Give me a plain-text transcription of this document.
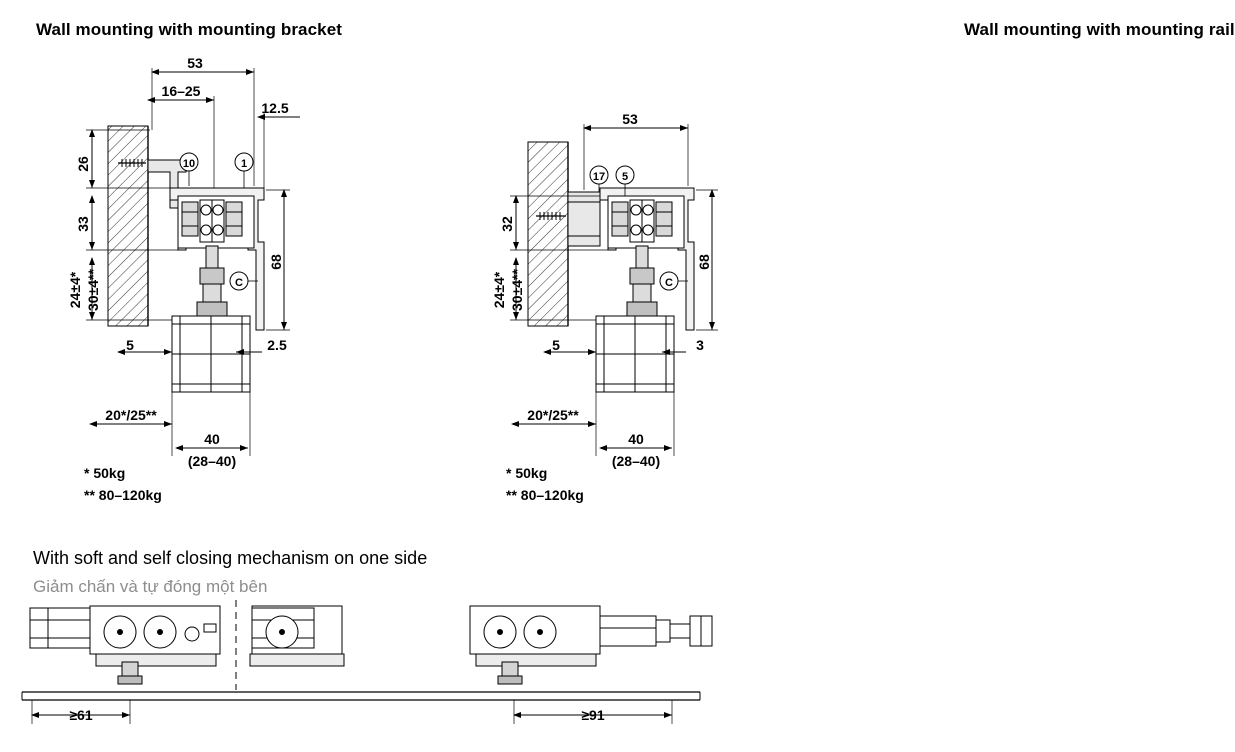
Wall mounting with mounting bracket	Wall mounting with mounting rail
53
16–25
12.5
26
33
24±4* 30±4**
68
5	2.5
20*/25**
40
(28–40)
10	1
C
53
32
24±4* 30±4**
68
5	3
20*/25**
40
(28–40)
17 5
C
≥61	≥91
* 50kg
** 80–120kg
* 50kg
** 80–120kg
With soft and self closing mechanism on one side
Giảm chấn và tự đóng một bên
